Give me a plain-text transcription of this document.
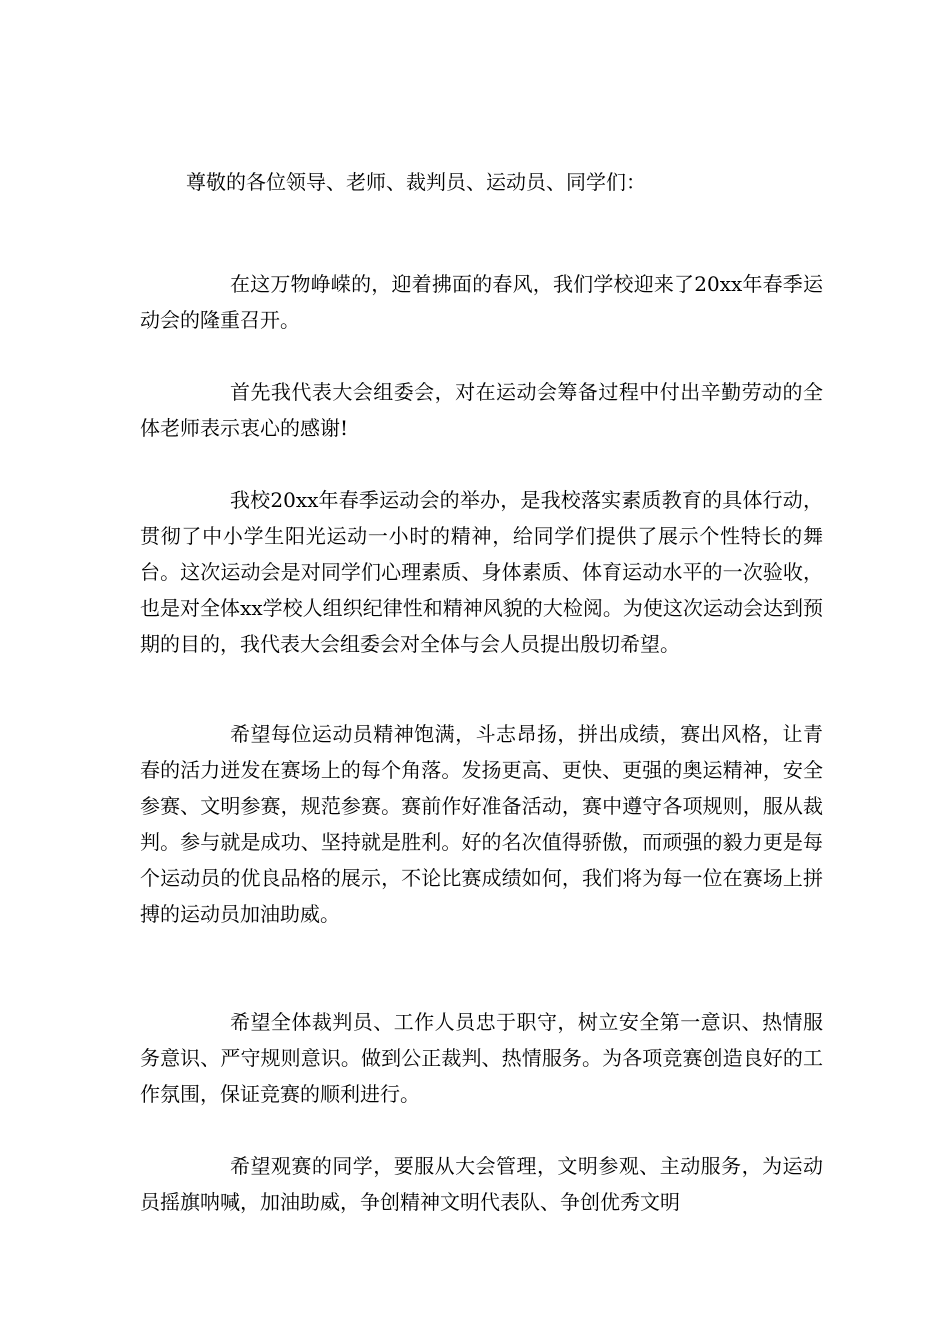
尊敬的各位领导、老师、裁判员、运动员、同学们：

在这万物峥嵘的，迎着拂面的春风，我们学校迎来了20xx年春季运动会的隆重召开。

首先我代表大会组委会，对在运动会筹备过程中付出辛勤劳动的全体老师表示衷心的感谢!

我校20xx年春季运动会的举办，是我校落实素质教育的具体行动，贯彻了中小学生阳光运动一小时的精神，给同学们提供了展示个性特长的舞台。这次运动会是对同学们心理素质、身体素质、体育运动水平的一次验收，也是对全体xx学校人组织纪律性和精神风貌的大检阅。为使这次运动会达到预期的目的，我代表大会组委会对全体与会人员提出殷切希望。

希望每位运动员精神饱满，斗志昂扬，拼出成绩，赛出风格，让青春的活力迸发在赛场上的每个角落。发扬更高、更快、更强的奥运精神，安全参赛、文明参赛，规范参赛。赛前作好准备活动，赛中遵守各项规则，服从裁判。参与就是成功、坚持就是胜利。好的名次值得骄傲，而顽强的毅力更是每个运动员的优良品格的展示，不论比赛成绩如何，我们将为每一位在赛场上拼搏的运动员加油助威。

希望全体裁判员、工作人员忠于职守，树立安全第一意识、热情服务意识、严守规则意识。做到公正裁判、热情服务。为各项竞赛创造良好的工作氛围，保证竞赛的顺利进行。

希望观赛的同学，要服从大会管理，文明参观、主动服务，为运动员摇旗呐喊，加油助威，争创精神文明代表队、争创优秀文明
